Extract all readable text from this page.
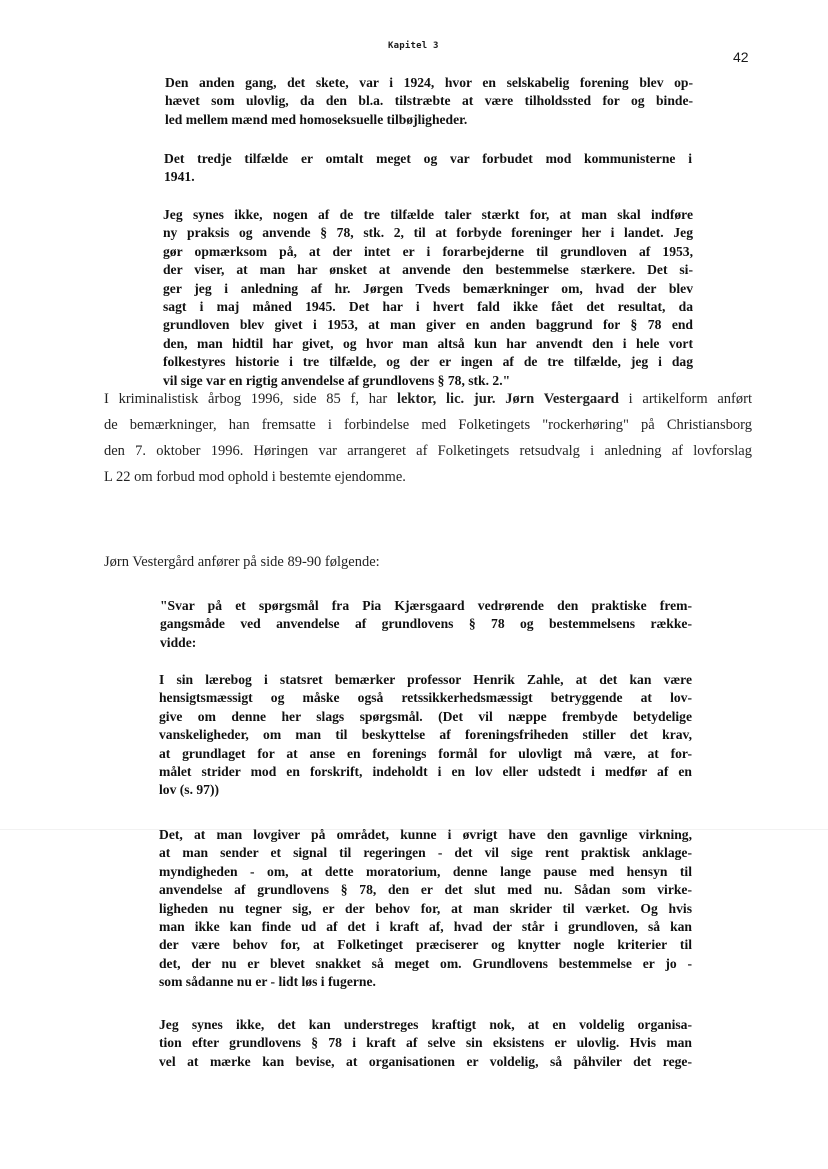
Kapitel 3
42
Den anden gang, det skete, var i 1924, hvor en selskabelig forening blev op-
hævet som ulovlig, da den bl.a. tilstræbte at være tilholdssted for og binde-
led mellem mænd med homoseksuelle tilbøjligheder.
Det tredje tilfælde er omtalt meget og var forbudet mod kommunisterne i
1941.
Jeg synes ikke, nogen af de tre tilfælde taler stærkt for, at man skal indføre
ny praksis og anvende § 78, stk. 2, til at forbyde foreninger her i landet. Jeg
gør opmærksom på, at der intet er i forarbejderne til grundloven af 1953,
der viser, at man har ønsket at anvende den bestemmelse stærkere. Det si-
ger jeg i anledning af hr. Jørgen Tveds bemærkninger om, hvad der blev
sagt i maj måned 1945. Det har i hvert fald ikke fået det resultat, da
grundloven blev givet i 1953, at man giver en anden baggrund for § 78 end
den, man hidtil har givet, og hvor man altså kun har anvendt den i hele vort
folkestyres historie i tre tilfælde, og der er ingen af de tre tilfælde, jeg i dag
vil sige var en rigtig anvendelse af grundlovens § 78, stk. 2."
I kriminalistisk årbog 1996, side 85 f, har lektor, lic. jur. Jørn Vestergaard i artikelform anført
de bemærkninger, han fremsatte i forbindelse med Folketingets "rockerhøring" på Christiansborg
den 7. oktober 1996. Høringen var arrangeret af Folketingets retsudvalg i anledning af lovforslag
L 22 om forbud mod ophold i bestemte ejendomme.
Jørn Vestergård anfører på side 89-90 følgende:
"Svar på et spørgsmål fra Pia Kjærsgaard vedrørende den praktiske frem-
gangsmåde ved anvendelse af grundlovens § 78 og bestemmelsens række-
vidde:
I sin lærebog i statsret bemærker professor Henrik Zahle, at det kan være
hensigtsmæssigt og måske også retssikkerhedsmæssigt betryggende at lov-
give om denne her slags spørgsmål. (Det vil næppe frembyde betydelige
vanskeligheder, om man til beskyttelse af foreningsfriheden stiller det krav,
at grundlaget for at anse en forenings formål for ulovligt må være, at for-
målet strider mod en forskrift, indeholdt i en lov eller udstedt i medfør af en
lov (s. 97))
Det, at man lovgiver på området, kunne i øvrigt have den gavnlige virkning,
at man sender et signal til regeringen - det vil sige rent praktisk anklage-
myndigheden - om, at dette moratorium, denne lange pause med hensyn til
anvendelse af grundlovens § 78, den er det slut med nu. Sådan som virke-
ligheden nu tegner sig, er der behov for, at man skrider til værket. Og hvis
man ikke kan finde ud af det i kraft af, hvad der står i grundloven, så kan
der være behov for, at Folketinget præciserer og knytter nogle kriterier til
det, der nu er blevet snakket så meget om. Grundlovens bestemmelse er jo -
som sådanne nu er - lidt løs i fugerne.
Jeg synes ikke, det kan understreges kraftigt nok, at en voldelig organisa-
tion efter grundlovens § 78 i kraft af selve sin eksistens er ulovlig. Hvis man
vel at mærke kan bevise, at organisationen er voldelig, så påhviler det rege-
